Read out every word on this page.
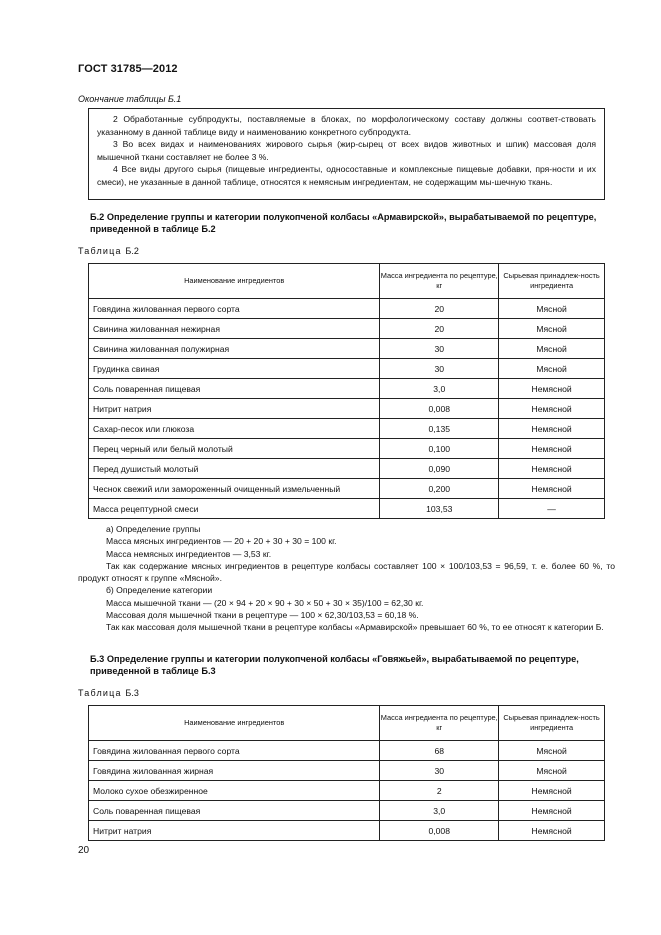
ГОСТ 31785—2012
Окончание таблицы Б.1

2 Обработанные субпродукты, поставляемые в блоках, по морфологическому составу должны соответ-ствовать указанному в данной таблице виду и наименованию конкретного субпродукта.

3 Во всех видах и наименованиях жирового сырья (жир-сырец от всех видов животных и шпик) массовая доля мышечной ткани составляет не более 3 %.

4 Все виды другого сырья (пищевые ингредиенты, односоставные и комплексные пищевые добавки, пря-ности и их смеси), не указанные в данной таблице, относятся к немясным ингредиентам, не содержащим мы-шечную ткань.

Б.2 Определение группы и категории полукопченой колбасы «Армавирской», вырабатываемой по рецептуре, приведенной в таблице Б.2
Таблица Б.2
Наименование ингредиентов	Масса ингредиента по рецептуре, кг	Сырьевая принадлеж-ность ингредиента
Говядина жилованная первого сорта	20	Мясной
Свинина жилованная нежирная	20	Мясной
Свинина жилованная полужирная	30	Мясной
Грудинка свиная	30	Мясной
Соль поваренная пищевая	3,0	Немясной
Нитрит натрия	0,008	Немясной
Сахар-песок или глюкоза	0,135	Немясной
Перец черный или белый молотый	0,100	Немясной
Перед душистый молотый	0,090	Немясной
Чеснок свежий или замороженный очищенный измельченный	0,200	Немясной
Масса рецептурной смеси	103,53	—

а) Определение группы

Масса мясных ингредиентов — 20 + 20 + 30 + 30 = 100 кг.

Масса немясных ингредиентов — 3,53 кг.

Так как содержание мясных ингредиентов в рецептуре колбасы составляет 100 × 100/103,53 = 96,59, т. е. более 60 %, то продукт относят к группе «Мясной».

б) Определение категории

Масса мышечной ткани — (20 × 94 + 20 × 90 + 30 × 50 + 30 × 35)/100 = 62,30 кг.

Массовая доля мышечной ткани в рецептуре — 100 × 62,30/103,53 = 60,18 %.

Так как массовая доля мышечной ткани в рецептуре колбасы «Армавирской» превышает 60 %, то ее относят к категории Б.

Б.3 Определение группы и категории полукопченой колбасы «Говяжьей», вырабатываемой по рецептуре, приведенной в таблице Б.3
Таблица Б.3
Наименование ингредиентов	Масса ингредиента по рецептуре, кг	Сырьевая принадлеж-ность ингредиента
Говядина жилованная первого сорта	68	Мясной
Говядина жилованная жирная	30	Мясной
Молоко сухое обезжиренное	2	Немясной
Соль поваренная пищевая	3,0	Немясной
Нитрит натрия	0,008	Немясной
20
